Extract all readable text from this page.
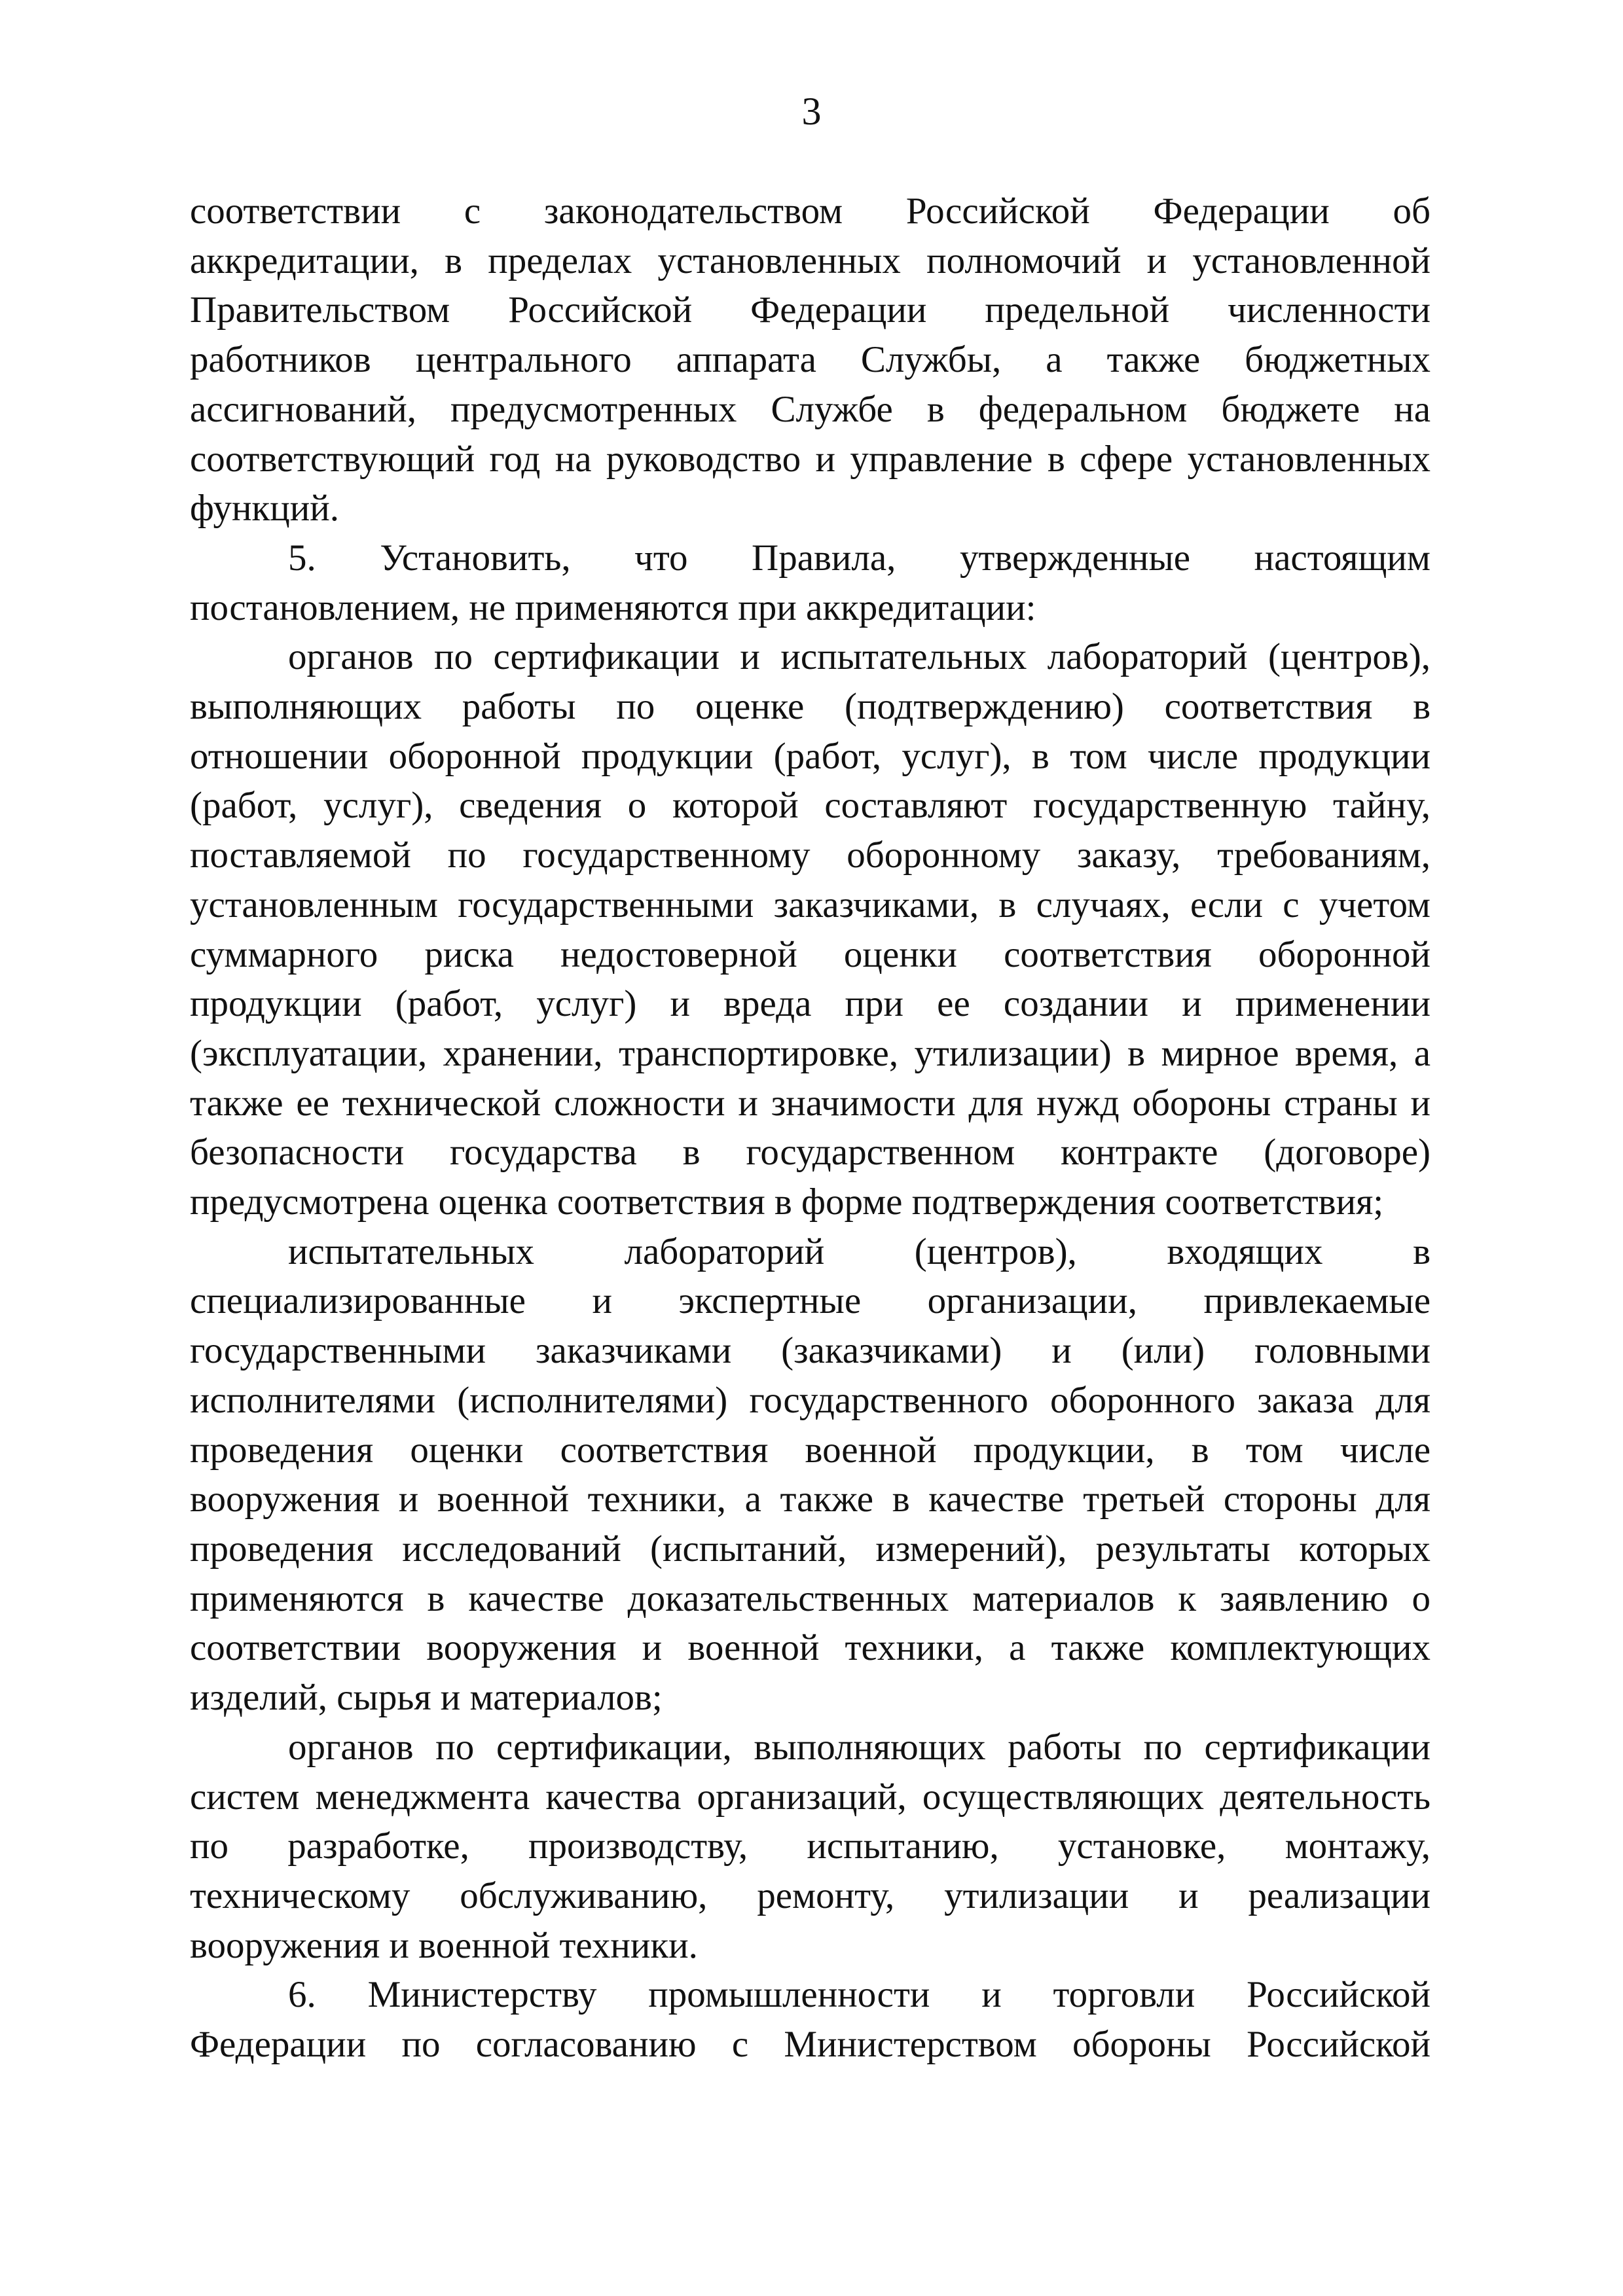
3
соответствии с законодательством Российской Федерации об
аккредитации, в пределах установленных полномочий и установленной
Правительством Российской Федерации предельной численности
работников центрального аппарата Службы, а также бюджетных
ассигнований, предусмотренных Службе в федеральном бюджете на
соответствующий год на руководство и управление в сфере установленных
функций.
5. Установить, что Правила, утвержденные настоящим
постановлением, не применяются при аккредитации:
органов по сертификации и испытательных лабораторий (центров),
выполняющих работы по оценке (подтверждению) соответствия в
отношении оборонной продукции (работ, услуг), в том числе продукции
(работ, услуг), сведения о которой составляют государственную тайну,
поставляемой по государственному оборонному заказу, требованиям,
установленным государственными заказчиками, в случаях, если с учетом
суммарного риска недостоверной оценки соответствия оборонной
продукции (работ, услуг) и вреда при ее создании и применении
(эксплуатации, хранении, транспортировке, утилизации) в мирное время, а
также ее технической сложности и значимости для нужд обороны страны и
безопасности государства в государственном контракте (договоре)
предусмотрена оценка соответствия в форме подтверждения соответствия;
испытательных лабораторий (центров), входящих в
специализированные и экспертные организации, привлекаемые
государственными заказчиками (заказчиками) и (или) головными
исполнителями (исполнителями) государственного оборонного заказа для
проведения оценки соответствия военной продукции, в том числе
вооружения и военной техники, а также в качестве третьей стороны для
проведения исследований (испытаний, измерений), результаты которых
применяются в качестве доказательственных материалов к заявлению о
соответствии вооружения и военной техники, а также комплектующих
изделий, сырья и материалов;
органов по сертификации, выполняющих работы по сертификации
систем менеджмента качества организаций, осуществляющих деятельность
по разработке, производству, испытанию, установке, монтажу,
техническому обслуживанию, ремонту, утилизации и реализации
вооружения и военной техники.
6. Министерству промышленности и торговли Российской
Федерации по согласованию с Министерством обороны Российской
